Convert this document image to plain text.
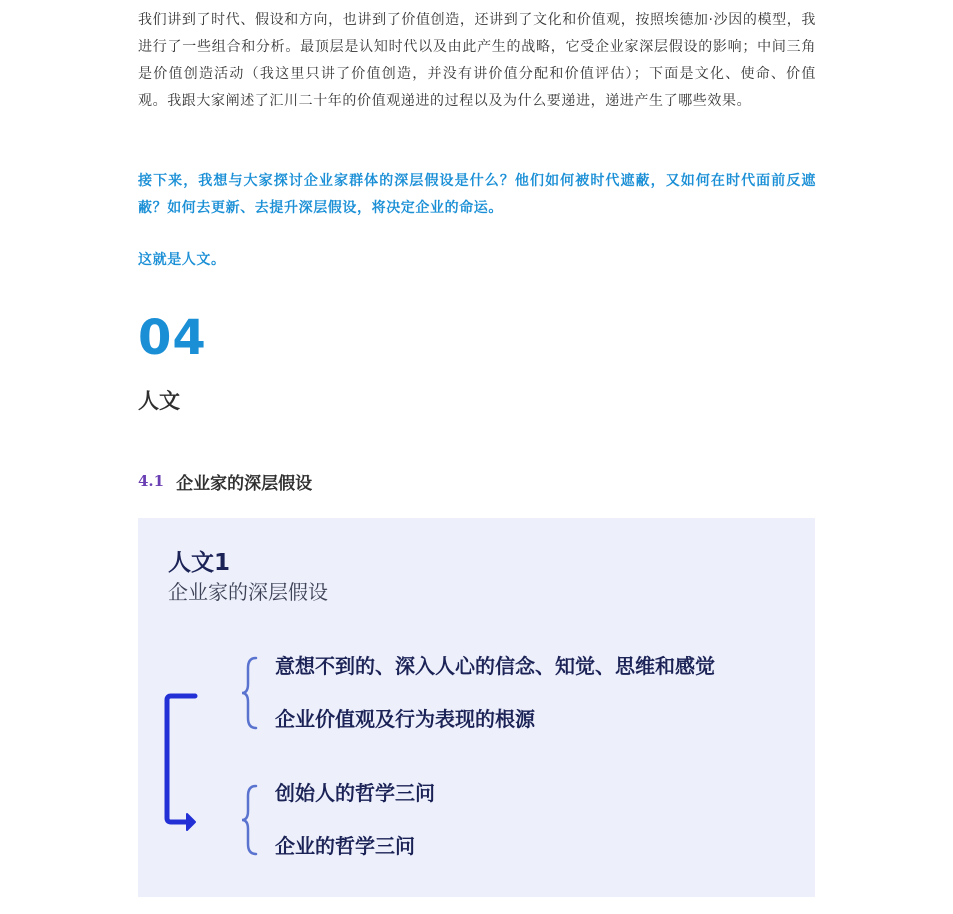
我们讲到了时代、假设和方向，也讲到了价值创造，还讲到了文化和价值观，按照埃德加·沙因的模型，我进行了一些组合和分析。最顶层是认知时代以及由此产生的战略，它受企业家深层假设的影响；中间三角是价值创造活动（我这里只讲了价值创造，并没有讲价值分配和价值评估）；下面是文化、使命、价值观。我跟大家阐述了汇川二十年的价值观递进的过程以及为什么要递进，递进产生了哪些效果。

接下来，我想与大家探讨企业家群体的深层假设是什么？他们如何被时代遮蔽，又如何在时代面前反遮蔽？如何去更新、去提升深层假设，将决定企业的命运。

这就是人文。

04
人文
4.1 企业家的深层假设
人文1
企业家的深层假设
意想不到的、深入人心的信念、知觉、思维和感觉
企业价值观及行为表现的根源
创始人的哲学三问
企业的哲学三问
